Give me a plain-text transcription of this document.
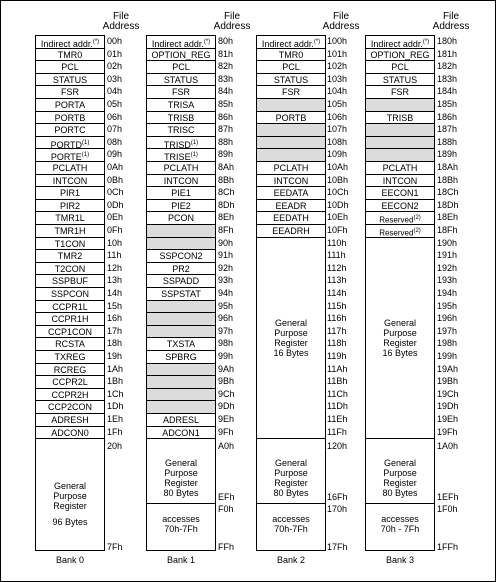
File
Address
Indirect addr.(*)
TMR0
PCL
STATUS
FSR
PORTA
PORTB
PORTC
PORTD$^{(1)}$
PORTE$^{(1)}$
PCLATH
INTCON
PIR1
PIR2
TMR1L
TMR1H
T1CON
TMR2
T2CON
SSPBUF
SSPCON
CCPR1L
CCPR1H
CCP1CON
RCSTA
TXREG
RCREG
CCPR2L
CCPR2H
CCP2CON
ADRESH
ADCON0
General
Purpose
Register
96 Bytes
00h
01h
02h
03h
04h
05h
06h
07h
08h
09h
0Ah
0Bh
0Ch
0Dh
0Eh
0Fh
10h
11h
12h
13h
14h
15h
16h
17h
18h
19h
1Ah
1Bh
1Ch
1Dh
1Eh
1Fh
20h
7Fh
Bank 0
File
Address
Indirect addr.(*)
OPTION_REG
PCL
STATUS
FSR
TRISA
TRISB
TRISC
TRISD$^{(1)}$
TRISE$^{(1)}$
PCLATH
INTCON
PIE1
PIE2
PCON
SSPCON2
PR2
SSPADD
SSPSTAT
TXSTA
SPBRG
ADRESL
ADCON1
General
Purpose
Register
80 Bytes
accesses
70h-7Fh
80h
81h
82h
83h
84h
85h
86h
87h
88h
89h
8Ah
8Bh
8Ch
8Dh
8Eh
8Fh
90h
91h
92h
93h
94h
95h
96h
97h
98h
99h
9Ah
9Bh
9Ch
9Dh
9Eh
9Fh
A0h
EFh
F0h
FFh
Bank 1
File
Address
Indirect addr.(*)
TMR0
PCL
STATUS
FSR
PORTB
PCLATH
INTCON
EEDATA
EEADR
EEDATH
EEADRH
General
Purpose
Register
16 Bytes
General
Purpose
Register
80 Bytes
accesses
70h-7Fh
100h
101h
102h
103h
104h
105h
106h
107h
108h
109h
10Ah
10Bh
10Ch
10Dh
10Eh
10Fh
110h
111h
112h
113h
114h
115h
116h
117h
118h
119h
11Ah
11Bh
11Ch
11Dh
11Eh
11Fh
120h
16Fh
170h
17Fh
Bank 2
File
Address
Indirect addr.(*)
OPTION_REG
PCL
STATUS
FSR
TRISB
PCLATH
INTCON
EECON1
EECON2
Reserved$^{(2)}$
Reserved$^{(2)}$
General
Purpose
Register
16 Bytes
General
Purpose
Register
80 Bytes
accesses
70h - 7Fh
180h
181h
182h
183h
184h
185h
186h
187h
188h
189h
18Ah
18Bh
18Ch
18Dh
18Eh
18Fh
190h
191h
192h
193h
194h
195h
196h
197h
198h
199h
19Ah
19Bh
19Ch
19Dh
19Eh
19Fh
1A0h
1EFh
1F0h
1FFh
Bank 3
